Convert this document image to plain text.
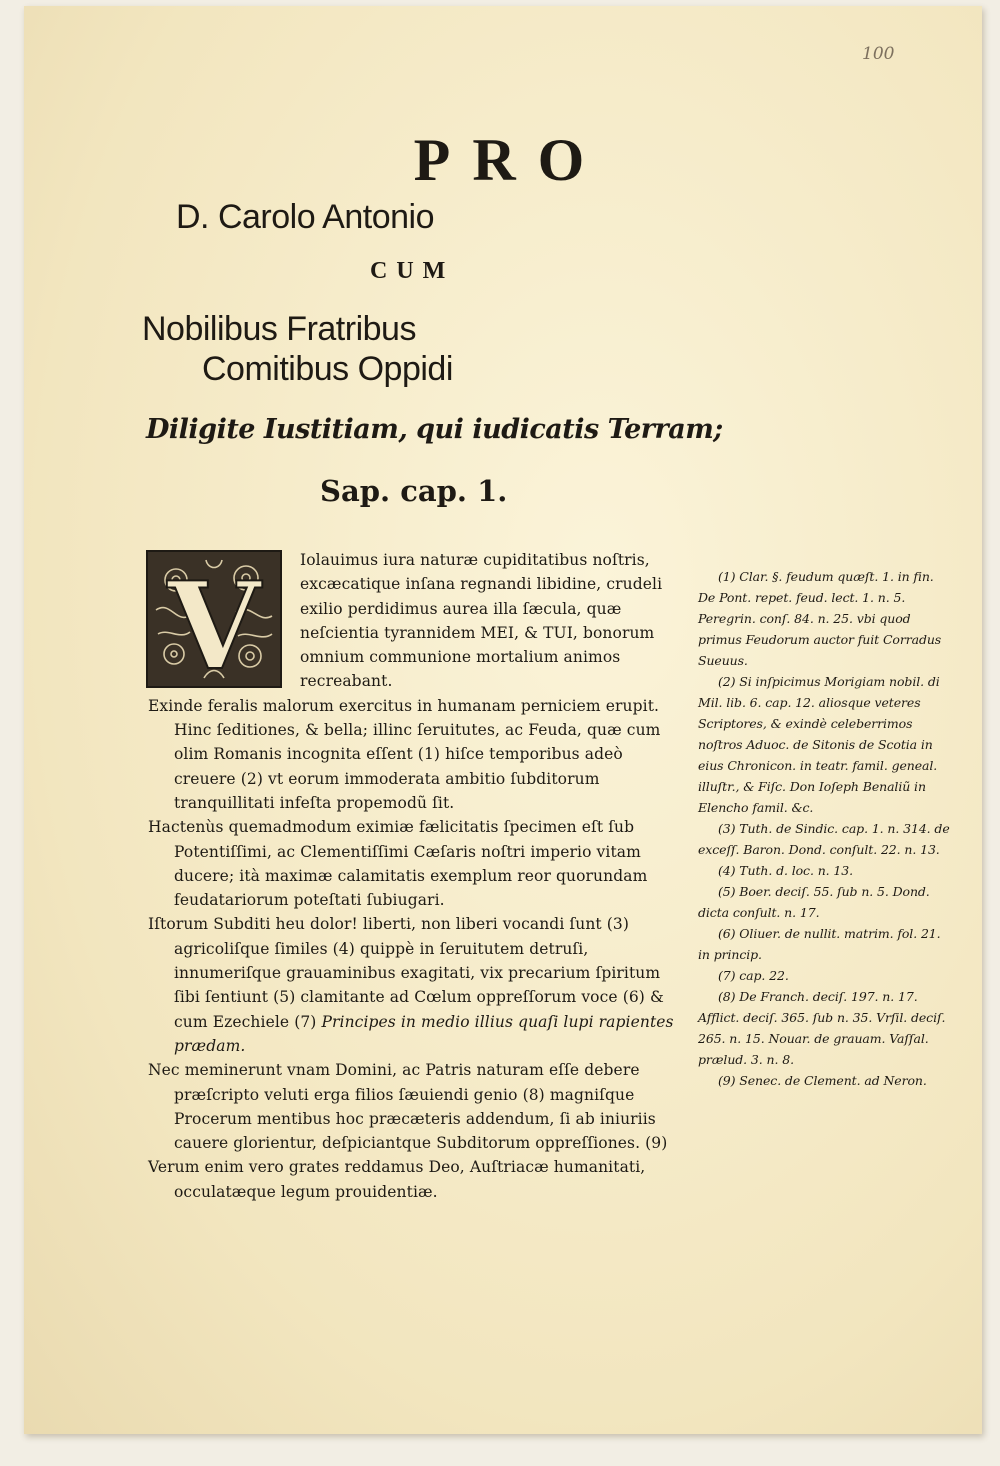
100
PRO
D. Carolo Antonio
CUM
Nobilibus Fratribus
Comitibus Oppidi
Diligite Iustitiam, qui iudicatis Terram;
Sap. cap. 1.
V	Iolauimus iura naturæ cupiditatibus noſtris, excæcatique inſana regnandi libidine, crudeli exilio perdidimus aurea illa ſæcula, quæ neſcientia tyrannidem MEI, & TUI, bonorum omnium communione mortalium animos recreabant.

Exinde feralis malorum exercitus in humanam perniciem erupit. Hinc ſeditiones, & bella; illinc ſeruitutes, ac Feuda, quæ cum olim Romanis incognita eſſent (1) hiſce temporibus adeò creuere (2) vt eorum immoderata ambitio ſubditorum tranquillitati infeſta propemodũ ſit.

Hactenùs quemadmodum eximiæ fælicitatis ſpecimen eſt ſub Potentiſſimi, ac Clementiſſimi Cæſaris noſtri imperio vitam ducere; ità maximæ calamitatis exemplum reor quorundam feudatariorum poteſtati ſubiugari.

Iſtorum Subditi heu dolor! liberti, non liberi vocandi ſunt (3) agricoliſque ſimiles (4) quippè in ſeruitutem detruſi, innumeriſque grauaminibus exagitati, vix precarium ſpiritum ſibi ſentiunt (5) clamitante ad Cœlum oppreſſorum voce (6) & cum Ezechiele (7) Principes in medio illius quaſi lupi rapientes prædam.

Nec meminerunt vnam Domini, ac Patris naturam eſſe debere præſcripto veluti erga filios ſæuiendi genio (8) magniſque Procerum mentibus hoc præcæteris addendum, ſi ab iniuriis cauere glorientur, deſpiciantque Subditorum oppreſſiones. (9)

Verum enim vero grates reddamus Deo, Auſtriacæ humanitati, occulatæque legum prouidentiæ.

(1) Clar. §. feudum quæſt. 1. in fin. De Pont. repet. feud. lect. 1. n. 5. Peregrin. conſ. 84. n. 25. vbi quod primus Feudorum auctor fuit Corradus Sueuus.

(2) Si inſpicimus Morigiam nobil. di Mil. lib. 6. cap. 12. aliosque veteres Scriptores, & exindè celeberrimos noſtros Aduoc. de Sitonis de Scotia in eius Chronicon. in teatr. famil. geneal. illuſtr., & Fiſc. Don Ioſeph Benaliũ in Elencho famil. &c.

(3) Tuth. de Sindic. cap. 1. n. 314. de exceſſ. Baron. Dond. conſult. 22. n. 13.

(4) Tuth. d. loc. n. 13.

(5) Boer. deciſ. 55. ſub n. 5. Dond. dicta conſult. n. 17.

(6) Oliuer. de nullit. matrim. fol. 21. in princip.

(7) cap. 22.

(8) De Franch. deciſ. 197. n. 17. Afflict. deciſ. 365. ſub n. 35. Vrſil. deciſ. 265. n. 15. Nouar. de grauam. Vaſſal. prælud. 3. n. 8.

(9) Senec. de Clement. ad Neron.
